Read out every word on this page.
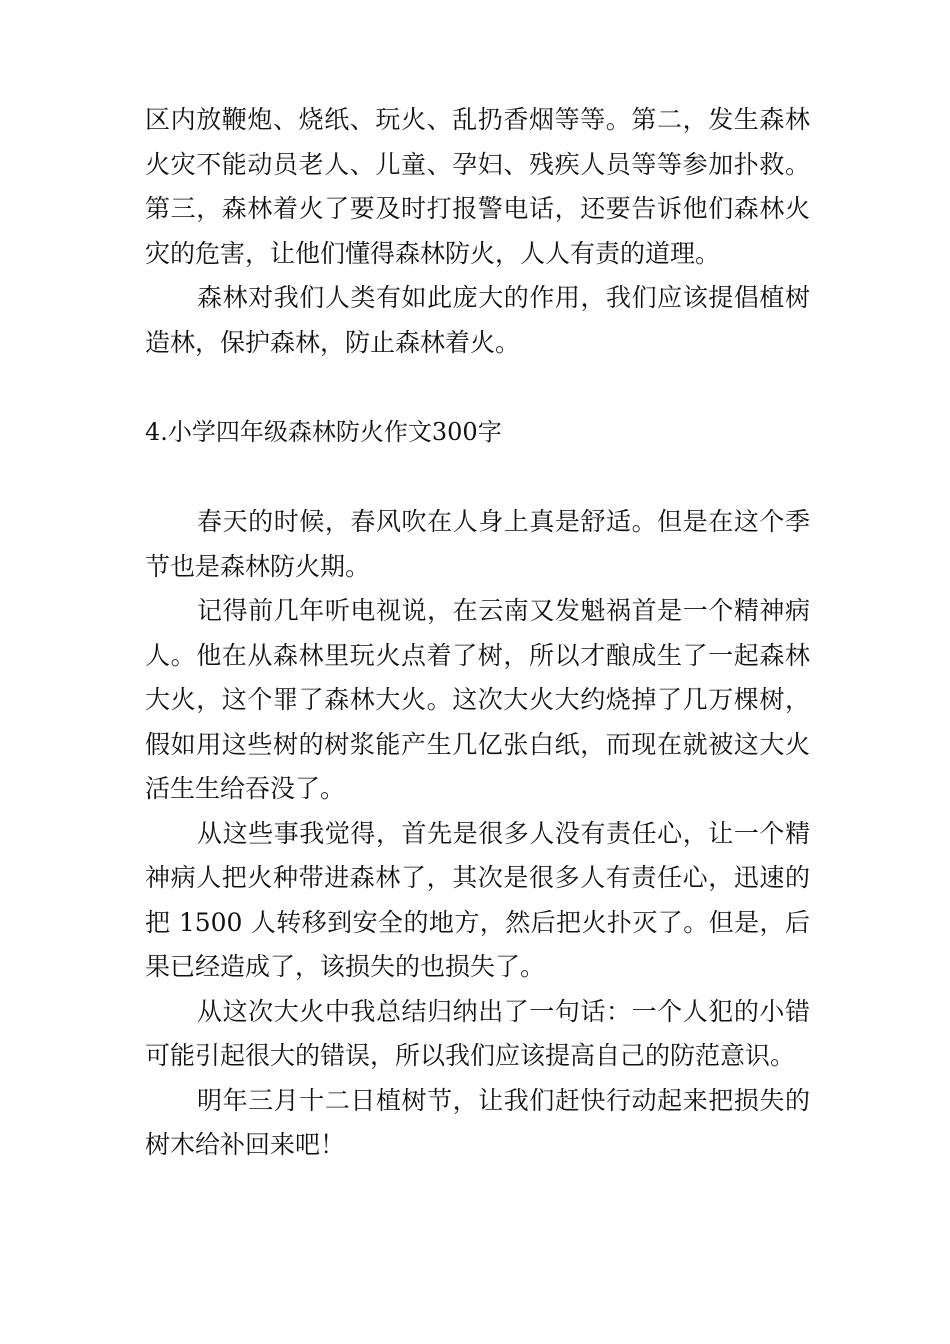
区内放鞭炮、烧纸、玩火、乱扔香烟等等。第二，发生森林火灾不能动员老人、儿童、孕妇、残疾人员等等参加扑救。第三，森林着火了要及时打报警电话，还要告诉他们森林火灾的危害，让他们懂得森林防火，人人有责的道理。

森林对我们人类有如此庞大的作用，我们应该提倡植树造林，保护森林，防止森林着火。

4.小学四年级森林防火作文300字

春天的时候，春风吹在人身上真是舒适。但是在这个季节也是森林防火期。

记得前几年听电视说，在云南又发魁祸首是一个精神病人。他在从森林里玩火点着了树，所以才酿成生了一起森林大火，这个罪了森林大火。这次大火大约烧掉了几万棵树，假如用这些树的树浆能产生几亿张白纸，而现在就被这大火活生生给吞没了。

从这些事我觉得，首先是很多人没有责任心，让一个精神病人把火种带进森林了，其次是很多人有责任心，迅速的把 1500 人转移到安全的地方，然后把火扑灭了。但是，后果已经造成了，该损失的也损失了。

从这次大火中我总结归纳出了一句话：一个人犯的小错可能引起很大的错误，所以我们应该提高自己的防范意识。

明年三月十二日植树节，让我们赶快行动起来把损失的树木给补回来吧！
